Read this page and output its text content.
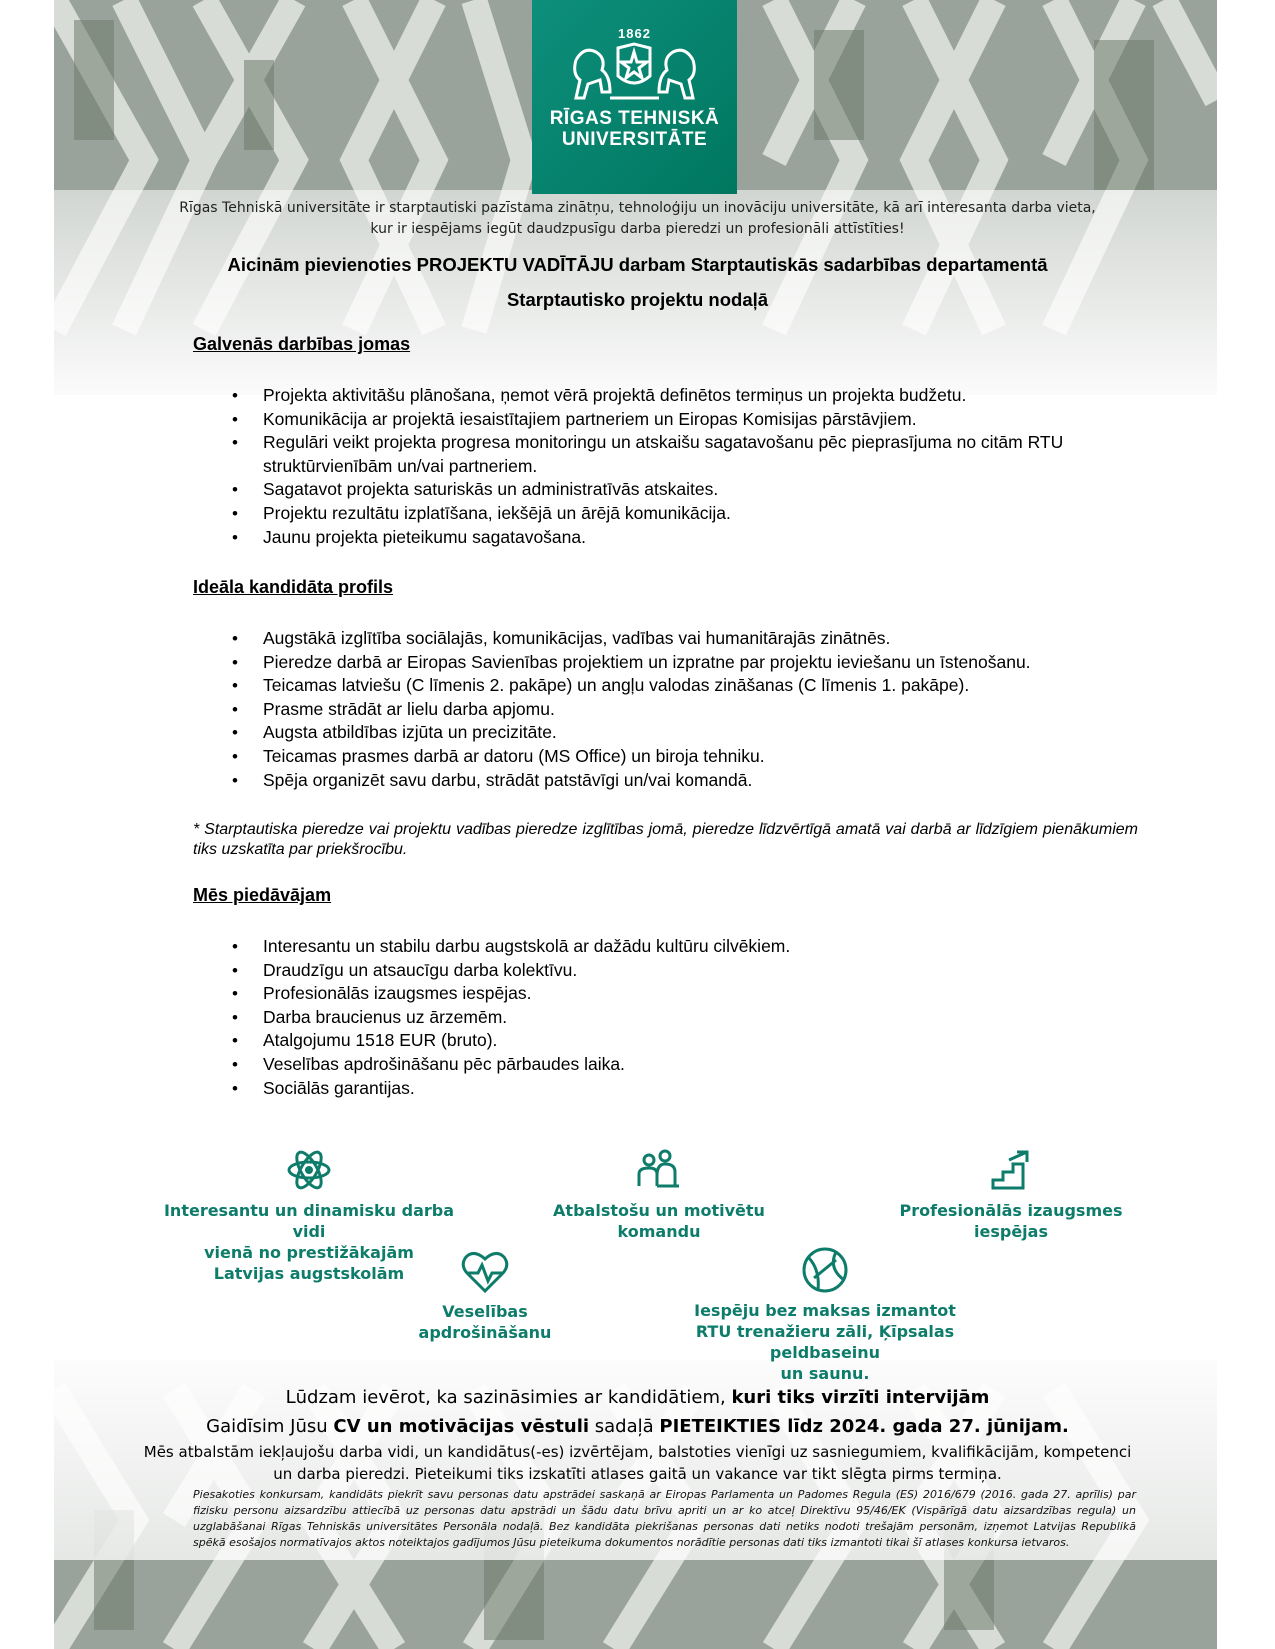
1862
RĪGAS TEHNISKĀ
UNIVERSITĀTE
Rīgas Tehniskā universitāte ir starptautiski pazīstama zinātņu, tehnoloģiju un inovāciju universitāte, kā arī interesanta darba vieta,
kur ir iespējams iegūt daudzpusīgu darba pieredzi un profesionāli attīstīties!
Aicinām pievienoties PROJEKTU VADĪTĀJU darbam Starptautiskās sadarbības departamentā
Starptautisko projektu nodaļā
Galvenās darbības jomas
• Projekta aktivitāšu plānošana, ņemot vērā projektā definētos termiņus un projekta budžetu.
• Komunikācija ar projektā iesaistītajiem partneriem un Eiropas Komisijas pārstāvjiem.
• Regulāri veikt projekta progresa monitoringu un atskaišu sagatavošanu pēc pieprasījuma no citām RTU struktūrvienībām un/vai partneriem.
• Sagatavot projekta saturiskās un administratīvās atskaites.
• Projektu rezultātu izplatīšana, iekšējā un ārējā komunikācija.
• Jaunu projekta pieteikumu sagatavošana.
Ideāla kandidāta profils
• Augstākā izglītība sociālajās, komunikācijas, vadības vai humanitārajās zinātnēs.
• Pieredze darbā ar Eiropas Savienības projektiem un izpratne par projektu ieviešanu un īstenošanu.
• Teicamas latviešu (C līmenis 2. pakāpe) un angļu valodas zināšanas (C līmenis 1. pakāpe).
• Prasme strādāt ar lielu darba apjomu.
• Augsta atbildības izjūta un precizitāte.
• Teicamas prasmes darbā ar datoru (MS Office) un biroja tehniku.
• Spēja organizēt savu darbu, strādāt patstāvīgi un/vai komandā.
* Starptautiska pieredze vai projektu vadības pieredze izglītības jomā, pieredze līdzvērtīgā amatā vai darbā ar līdzīgiem pienākumiem tiks uzskatīta par priekšrocību.
Mēs piedāvājam
• Interesantu un stabilu darbu augstskolā ar dažādu kultūru cilvēkiem.
• Draudzīgu un atsaucīgu darba kolektīvu.
• Profesionālās izaugsmes iespējas.
• Darba braucienus uz ārzemēm.
• Atalgojumu 1518 EUR (bruto).
• Veselības apdrošināšanu pēc pārbaudes laika.
• Sociālās garantijas.
Interesantu un dinamisku darba vidi
vienā no prestižākajām
Latvijas augstskolām
Atbalstošu un motivētu
komandu
Profesionālās izaugsmes
iespējas
Veselības
apdrošināšanu
Iespēju bez maksas izmantot
RTU trenažieru zāli, Ķīpsalas peldbaseinu
un saunu.
Lūdzam ievērot, ka sazināsimies ar kandidātiem, kuri tiks virzīti intervijām
Gaidīsim Jūsu CV un motivācijas vēstuli sadaļā PIETEIKTIES līdz 2024. gada 27. jūnijam.
Mēs atbalstām iekļaujošu darba vidi, un kandidātus(-es) izvērtējam, balstoties vienīgi uz sasniegumiem, kvalifikācijām, kompetenci
un darba pieredzi. Pieteikumi tiks izskatīti atlases gaitā un vakance var tikt slēgta pirms termiņa.
Piesakoties konkursam, kandidāts piekrīt savu personas datu apstrādei saskaņā ar Eiropas Parlamenta un Padomes Regula (ES) 2016/679 (2016. gada 27. aprīlis) par fizisku personu aizsardzību attiecībā uz personas datu apstrādi un šādu datu brīvu apriti un ar ko atceļ Direktīvu 95/46/EK (Vispārīgā datu aizsardzības regula) un uzglabāšanai Rīgas Tehniskās universitātes Personāla nodaļā. Bez kandidāta piekrišanas personas dati netiks nodoti trešajām personām, izņemot Latvijas Republikā spēkā esošajos normatīvajos aktos noteiktajos gadījumos Jūsu pieteikuma dokumentos norādītie personas dati tiks izmantoti tikai šī atlases konkursa ietvaros.
